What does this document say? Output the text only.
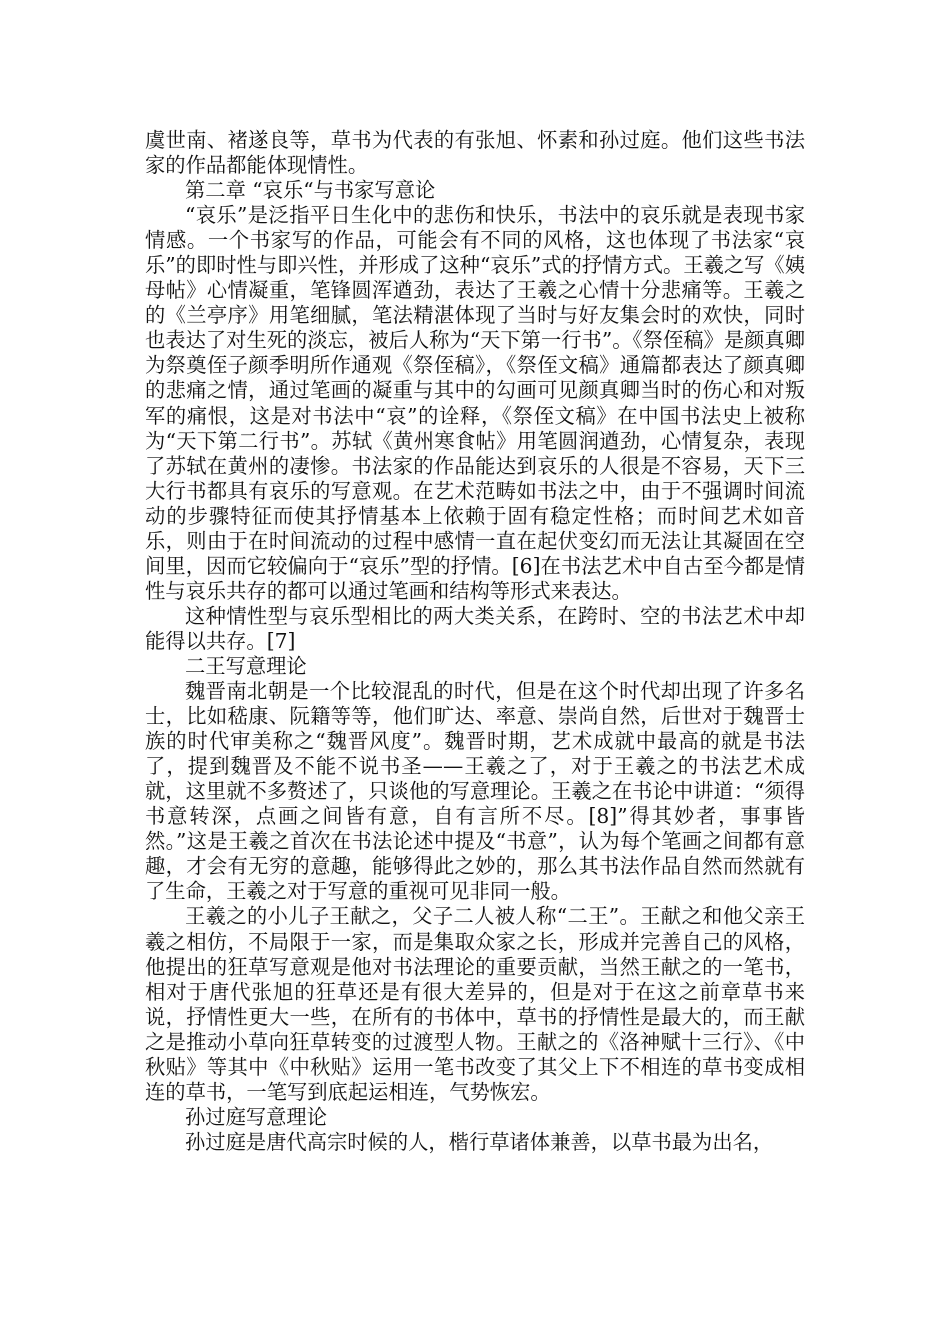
虞世南、褚遂良等，草书为代表的有张旭、怀素和孙过庭。他们这些书法家的作品都能体现情性。

第二章 “哀乐“与书家写意论

“哀乐”是泛指平日生化中的悲伤和快乐，书法中的哀乐就是表现书家情感。一个书家写的作品，可能会有不同的风格，这也体现了书法家“哀乐”的即时性与即兴性，并形成了这种“哀乐”式的抒情方式。王羲之写《姨母帖》心情凝重，笔锋圆浑遒劲，表达了王羲之心情十分悲痛等。王羲之的《兰亭序》用笔细腻，笔法精湛体现了当时与好友集会时的欢快，同时也表达了对生死的淡忘，被后人称为“天下第一行书”。《祭侄稿》是颜真卿为祭奠侄子颜季明所作通观《祭侄稿》，《祭侄文稿》通篇都表达了颜真卿的悲痛之情，通过笔画的凝重与其中的勾画可见颜真卿当时的伤心和对叛军的痛恨，这是对书法中“哀”的诠释，《祭侄文稿》在中国书法史上被称为“天下第二行书”。苏轼《黄州寒食帖》用笔圆润遒劲，心情复杂，表现了苏轼在黄州的凄惨。书法家的作品能达到哀乐的人很是不容易，天下三大行书都具有哀乐的写意观。在艺术范畴如书法之中，由于不强调时间流动的步骤特征而使其抒情基本上依赖于固有稳定性格；而时间艺术如音乐，则由于在时间流动的过程中感情一直在起伏变幻而无法让其凝固在空间里，因而它较偏向于“哀乐”型的抒情。[6]在书法艺术中自古至今都是情性与哀乐共存的都可以通过笔画和结构等形式来表达。

这种情性型与哀乐型相比的两大类关系，在跨时、空的书法艺术中却能得以共存。[7]

二王写意理论

魏晋南北朝是一个比较混乱的时代，但是在这个时代却出现了许多名士，比如嵇康、阮籍等等，他们旷达、率意、崇尚自然，后世对于魏晋士族的时代审美称之“魏晋风度”。魏晋时期，艺术成就中最高的就是书法了，提到魏晋及不能不说书圣——王羲之了，对于王羲之的书法艺术成就，这里就不多赘述了，只谈他的写意理论。王羲之在书论中讲道：“须得书意转深，点画之间皆有意，自有言所不尽。[8]”得其妙者，事事皆然。”这是王羲之首次在书法论述中提及“书意”，认为每个笔画之间都有意趣，才会有无穷的意趣，能够得此之妙的，那么其书法作品自然而然就有了生命，王羲之对于写意的重视可见非同一般。

王羲之的小儿子王献之，父子二人被人称“二王”。王献之和他父亲王羲之相仿，不局限于一家，而是集取众家之长，形成并完善自己的风格，他提出的狂草写意观是他对书法理论的重要贡献，当然王献之的一笔书，相对于唐代张旭的狂草还是有很大差异的，但是对于在这之前章草书来说，抒情性更大一些，在所有的书体中，草书的抒情性是最大的，而王献之是推动小草向狂草转变的过渡型人物。王献之的《洛神赋十三行》、《中秋贴》等其中《中秋贴》运用一笔书改变了其父上下不相连的草书变成相连的草书，一笔写到底起运相连，气势恢宏。

孙过庭写意理论

孙过庭是唐代高宗时候的人，楷行草诸体兼善，以草书最为出名，
